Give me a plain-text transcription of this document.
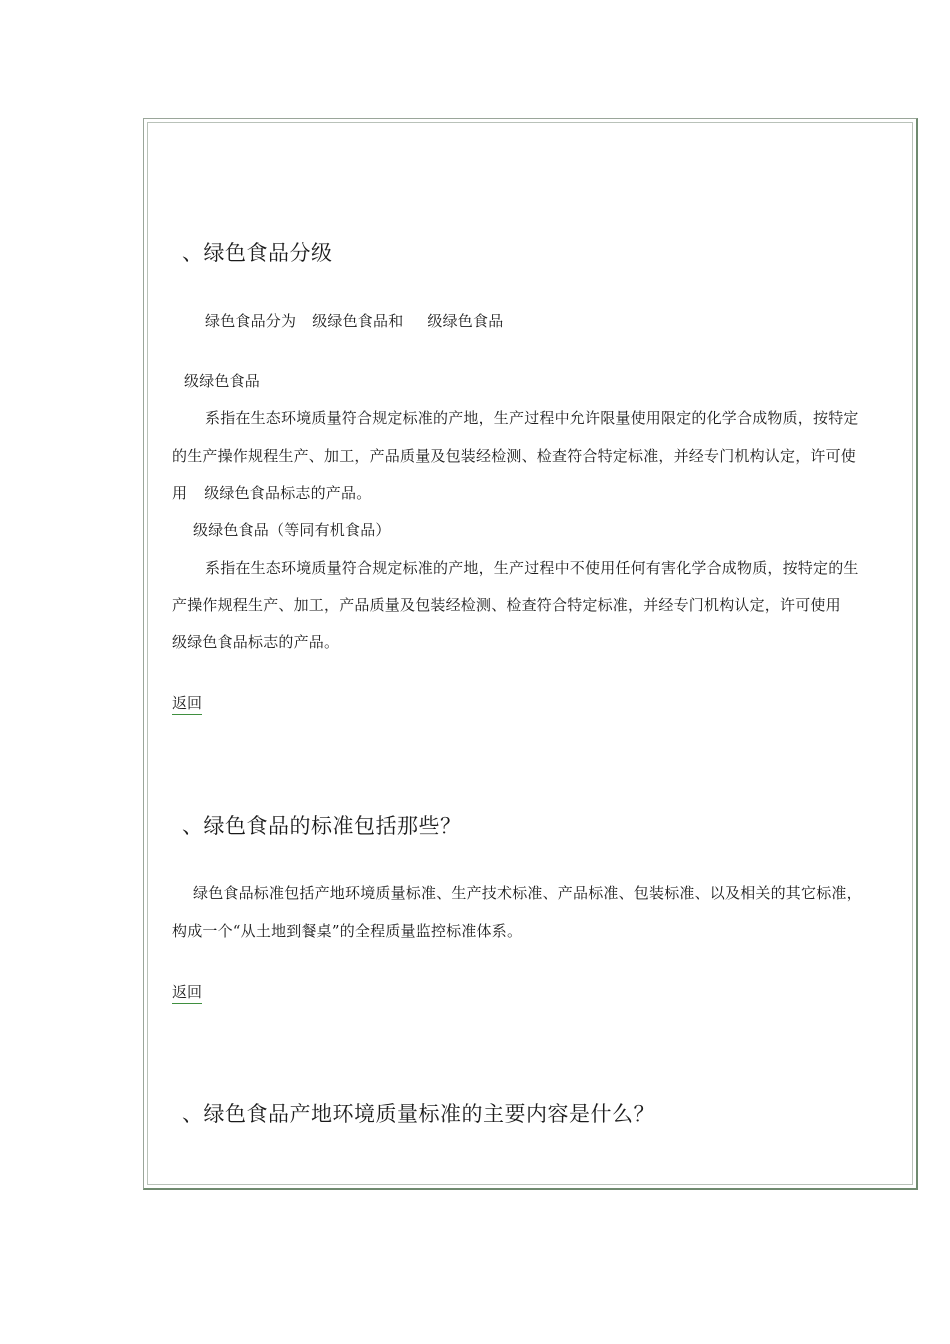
、绿色食品分级
绿色食品分为 级绿色食品和 级绿色食品
级绿色食品
系指在生态环境质量符合规定标准的产地，生产过程中允许限量使用限定的化学合成物质，按特定
的生产操作规程生产、加工，产品质量及包装经检测、检查符合特定标准，并经专门机构认定，许可使
用 级绿色食品标志的产品。
级绿色食品（等同有机食品）
系指在生态环境质量符合规定标准的产地，生产过程中不使用任何有害化学合成物质，按特定的生
产操作规程生产、加工，产品质量及包装经检测、检查符合特定标准，并经专门机构认定，许可使用
级绿色食品标志的产品。
返回
、绿色食品的标准包括那些？
绿色食品标准包括产地环境质量标准、生产技术标准、产品标准、包装标准、以及相关的其它标准，
构成一个“从土地到餐桌”的全程质量监控标准体系。
返回
、绿色食品产地环境质量标准的主要内容是什么？
